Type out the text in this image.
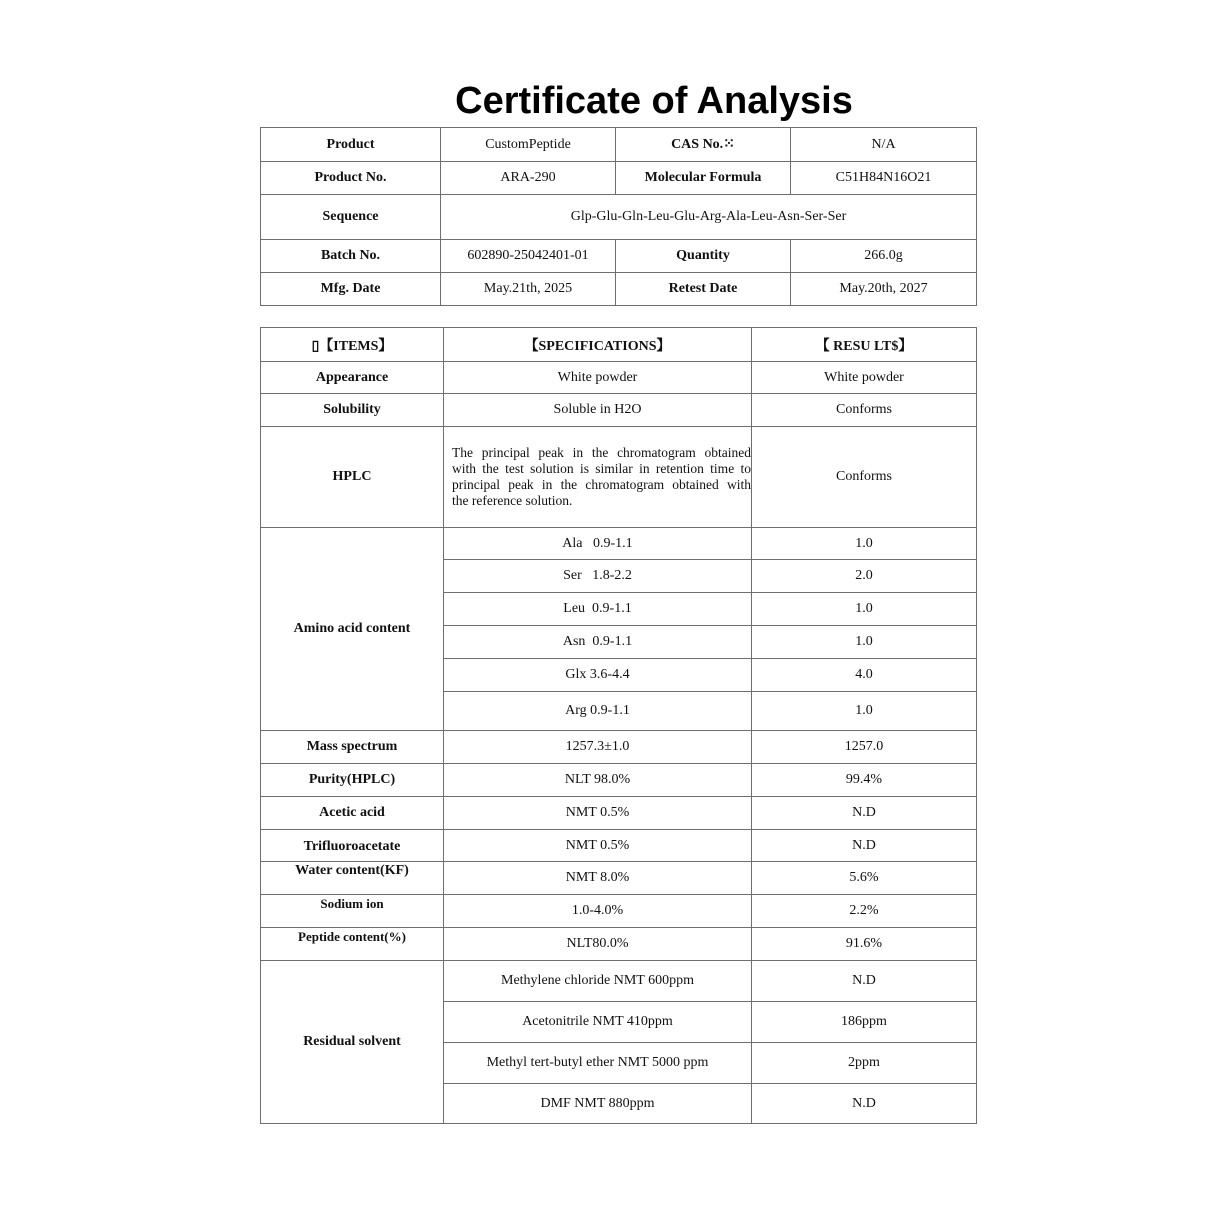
Certificate of Analysis
Product	CustomPeptide	CAS No.⁙	N/A
Product No.	ARA-290	Molecular Formula	C51H84N16O21
Sequence	Glp-Glu-Gln-Leu-Glu-Arg-Ala-Leu-Asn-Ser-Ser		
Batch No.	602890-25042401-01	Quantity	266.0g
Mfg. Date	May.21th, 2025	Retest Date	May.20th, 2027
▯【ITEMS】	【SPECIFICATIONS】	【 RESU LT$】
Appearance	White powder	White powder
Solubility	Soluble in H2O	Conforms
HPLC	The principal peak in the chromatogram obtained
with the test solution is similar in retention time to
principal peak in the chromatogram obtained with
the reference solution.	Conforms
Amino acid content	Ala   0.9-1.1	1.0
	Ser   1.8-2.2	2.0
	Leu  0.9-1.1	1.0
	Asn  0.9-1.1	1.0
	Glx 3.6-4.4	4.0
	Arg 0.9-1.1	1.0
Mass spectrum	1257.3±1.0	1257.0
Purity(HPLC)	NLT 98.0%	99.4%
Acetic acid	NMT 0.5%	N.D
Trifluoroacetate	NMT 0.5%	N.D
Water content(KF)	NMT 8.0%	5.6%
Sodium ion	1.0-4.0%	2.2%
Peptide content(%)	NLT80.0%	91.6%
Residual solvent	Methylene chloride NMT 600ppm	N.D
	Acetonitrile NMT 410ppm	186ppm
	Methyl tert-butyl ether NMT 5000 ppm	2ppm
	DMF NMT 880ppm	N.D
